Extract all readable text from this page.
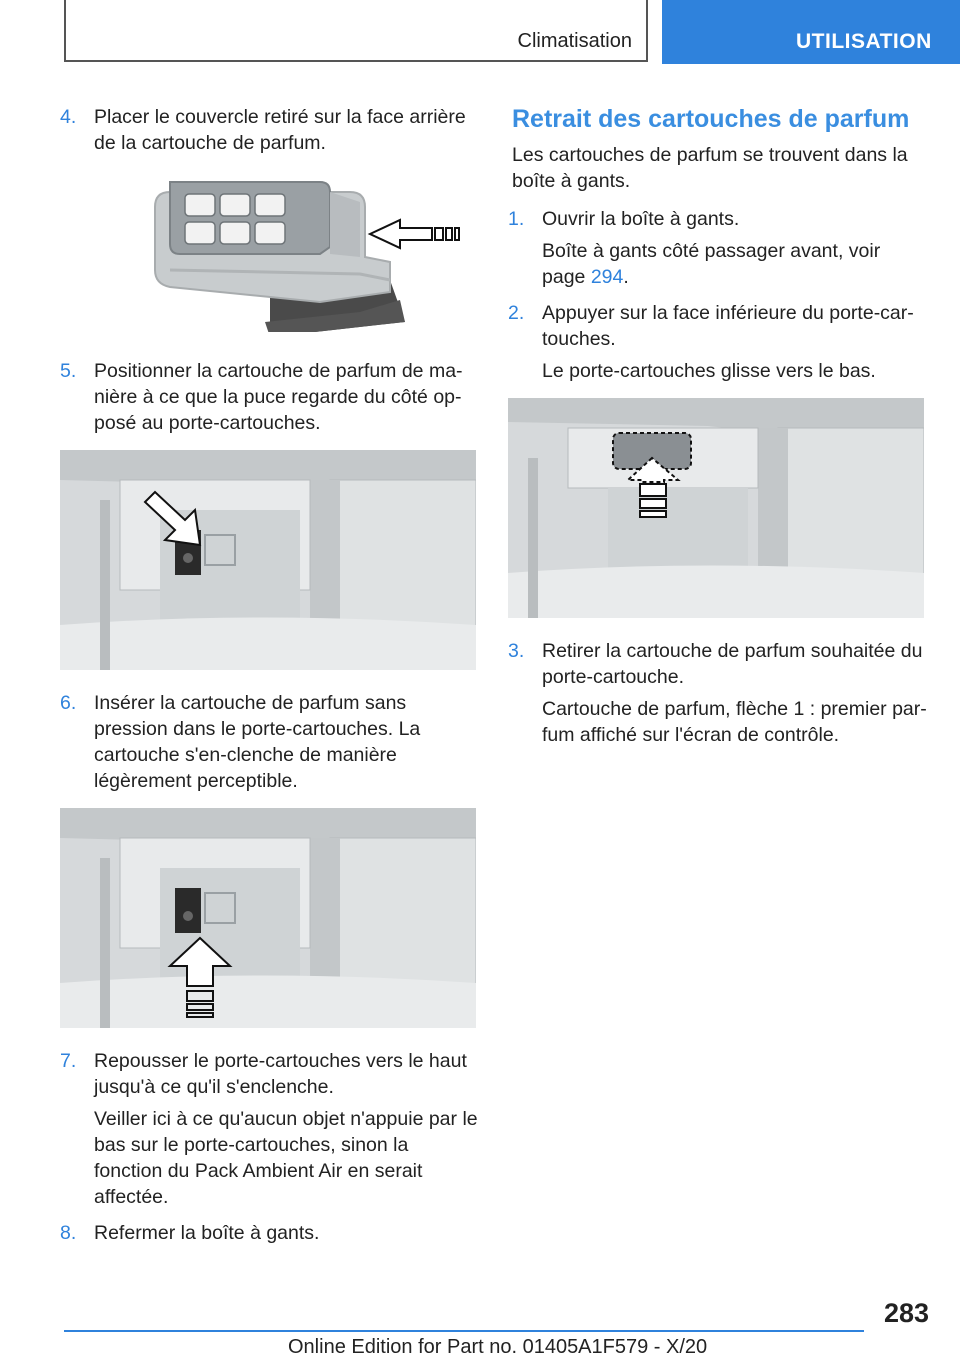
Climatisation	UTILISATION
4. Placer le couvercle retiré sur la face arrière de la cartouche de parfum.
5. Positionner la cartouche de parfum de ma-nière à ce que la puce regarde du côté op-posé au porte-cartouches.
6. Insérer la cartouche de parfum sans pression dans le porte-cartouches. La cartouche s'en-clenche de manière légèrement perceptible.
7. Repousser le porte-cartouches vers le haut jusqu'à ce qu'il s'enclenche.
Veiller ici à ce qu'aucun objet n'appuie par le bas sur le porte-cartouches, sinon la fonction du Pack Ambient Air en serait affectée.
8. Refermer la boîte à gants.
Retrait des cartouches de parfum
Les cartouches de parfum se trouvent dans la boîte à gants.
1. Ouvrir la boîte à gants.
Boîte à gants côté passager avant, voir page 294.
2. Appuyer sur la face inférieure du porte-car-touches.
Le porte-cartouches glisse vers le bas.
3. Retirer la cartouche de parfum souhaitée du porte-cartouche.
Cartouche de parfum, flèche 1 : premier par-fum affiché sur l'écran de contrôle.
283
Online Edition for Part no. 01405A1F579 - X/20
